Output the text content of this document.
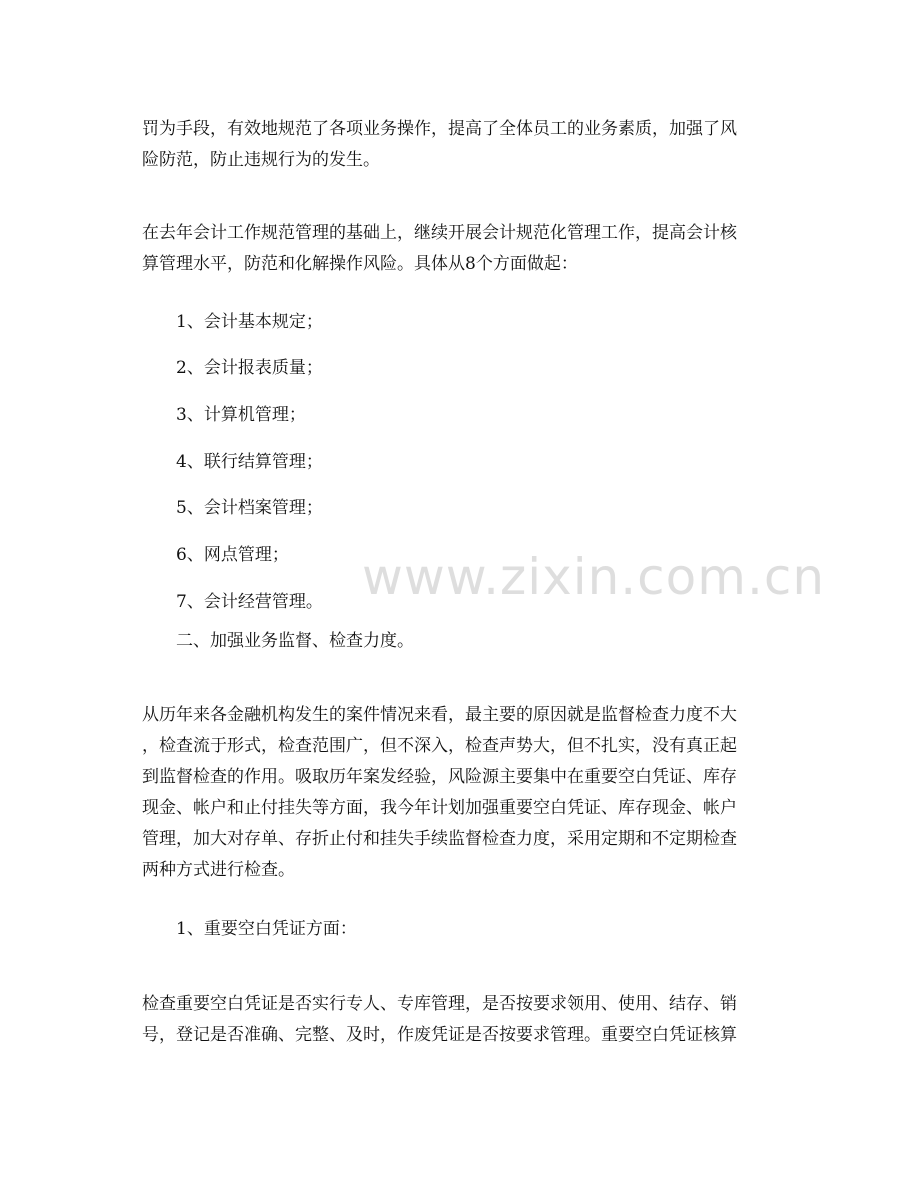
罚为手段，有效地规范了各项业务操作，提高了全体员工的业务素质，加强了风
险防范，防止违规行为的发生。

在去年会计工作规范管理的基础上，继续开展会计规范化管理工作，提高会计核
算管理水平，防范和化解操作风险。具体从8个方面做起：

1、会计基本规定；

2、会计报表质量；

3、计算机管理；

4、联行结算管理；

5、会计档案管理；

6、网点管理；

7、会计经营管理。

二、加强业务监督、检查力度。

从历年来各金融机构发生的案件情况来看，最主要的原因就是监督检查力度不大
，检查流于形式，检查范围广，但不深入，检查声势大，但不扎实，没有真正起
到监督检查的作用。吸取历年案发经验，风险源主要集中在重要空白凭证、库存
现金、帐户和止付挂失等方面，我今年计划加强重要空白凭证、库存现金、帐户
管理，加大对存单、存折止付和挂失手续监督检查力度，采用定期和不定期检查
两种方式进行检查。

1、重要空白凭证方面：

检查重要空白凭证是否实行专人、专库管理，是否按要求领用、使用、结存、销
号，登记是否准确、完整、及时，作废凭证是否按要求管理。重要空白凭证核算

www.zixin.com.cn
